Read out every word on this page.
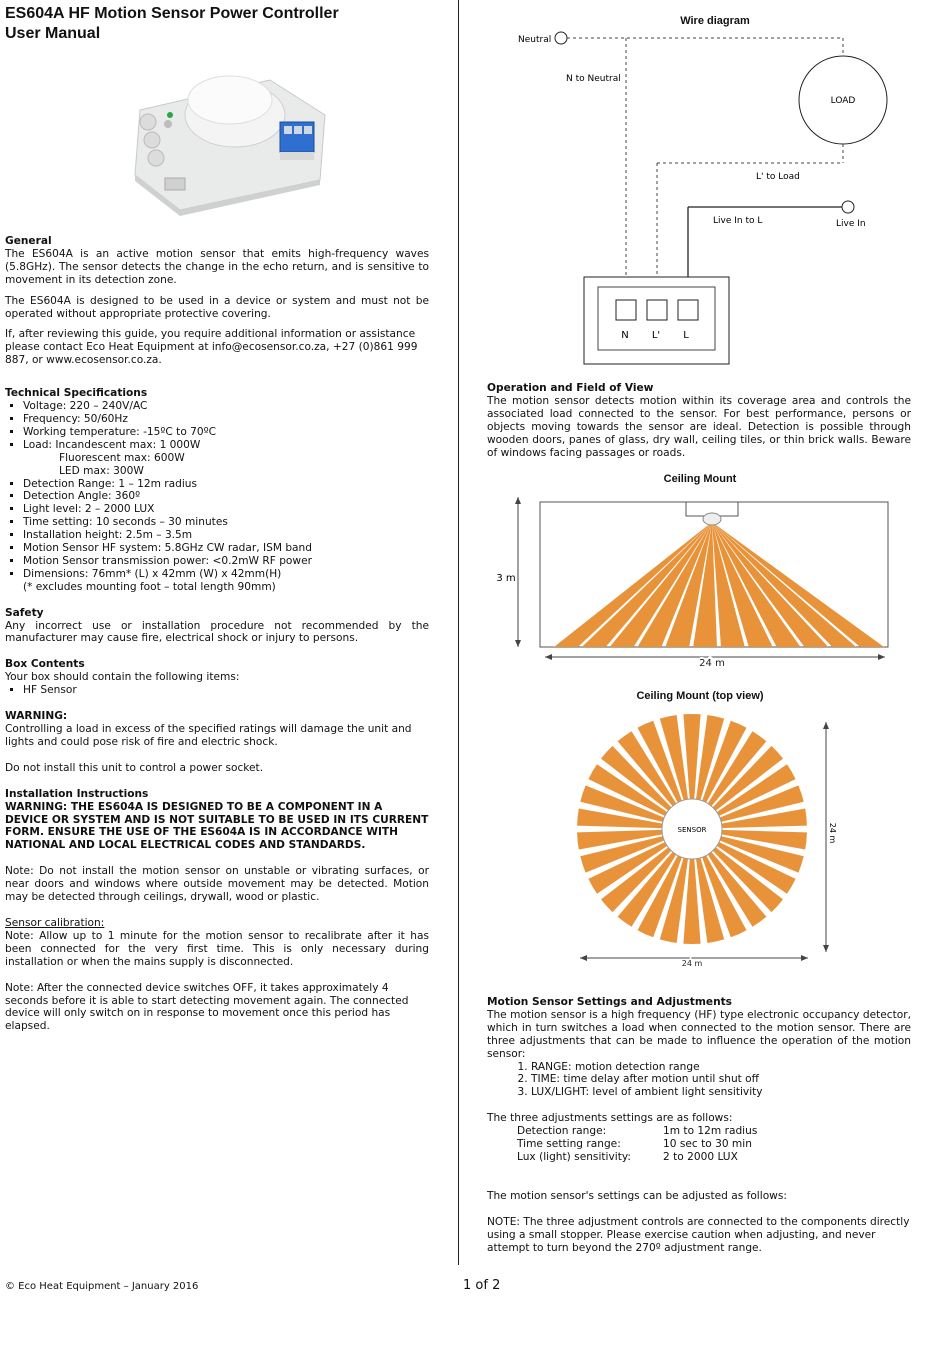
ES604A HF Motion Sensor Power Controller
User Manual
General
The ES604A is an active motion sensor that emits high-frequency waves (5.8GHz). The sensor detects the change in the echo return, and is sensitive to movement in its detection zone.
The ES604A is designed to be used in a device or system and must not be operated without appropriate protective covering.
If, after reviewing this guide, you require additional information or assistance please contact Eco Heat Equipment at info@ecosensor.co.za, +27 (0)861 999 887, or www.ecosensor.co.za.
Technical Specifications
▪ Voltage: 220 – 240V/AC
▪ Frequency: 50/60Hz
▪ Working temperature: -15ºC to 70ºC
▪ Load: Incandescent max: 1 000W
Fluorescent max: 600W
LED max: 300W
▪ Detection Range: 1 – 12m radius
▪ Detection Angle: 360º
▪ Light level: 2 – 2000 LUX
▪ Time setting: 10 seconds – 30 minutes
▪ Installation height: 2.5m – 3.5m
▪ Motion Sensor HF system: 5.8GHz CW radar, ISM band
▪ Motion Sensor transmission power: <0.2mW RF power
▪ Dimensions: 76mm* (L) x 42mm (W) x 42mm(H)
(* excludes mounting foot – total length 90mm)
Safety
Any incorrect use or installation procedure not recommended by the manufacturer may cause fire, electrical shock or injury to persons.
Box Contents
Your box should contain the following items:
▪ HF Sensor
WARNING:
Controlling a load in excess of the specified ratings will damage the unit and lights and could pose risk of fire and electric shock.
Do not install this unit to control a power socket.
Installation Instructions
WARNING: THE ES604A IS DESIGNED TO BE A COMPONENT IN A DEVICE OR SYSTEM AND IS NOT SUITABLE TO BE USED IN ITS CURRENT FORM. ENSURE THE USE OF THE ES604A IS IN ACCORDANCE WITH NATIONAL AND LOCAL ELECTRICAL CODES AND STANDARDS.
Note: Do not install the motion sensor on unstable or vibrating surfaces, or near doors and windows where outside movement may be detected. Motion may be detected through ceilings, drywall, wood or plastic.
Sensor calibration:
Note: Allow up to 1 minute for the motion sensor to recalibrate after it has been connected for the very first time. This is only necessary during installation or when the mains supply is disconnected.
Note: After the connected device switches OFF, it takes approximately 4 seconds before it is able to start detecting movement again. The connected device will only switch on in response to movement once this period has elapsed.
Wire diagram
Neutral
LOAD
N to Neutral
L' to Load
Live In to L	Live In
N L' L
Operation and Field of View
The motion sensor detects motion within its coverage area and controls the associated load connected to the sensor. For best performance, persons or objects moving towards the sensor are ideal. Detection is possible through wooden doors, panes of glass, dry wall, ceiling tiles, or thin brick walls. Beware of windows facing passages or roads.
Ceiling Mount
3 m
24 m
Ceiling Mount (top view)
SENSOR	24 m
24 m
Motion Sensor Settings and Adjustments
The motion sensor is a high frequency (HF) type electronic occupancy detector, which in turn switches a load when connected to the motion sensor. There are three adjustments that can be made to influence the operation of the motion sensor:
1. RANGE: motion detection range
2. TIME: time delay after motion until shut off
3. LUX/LIGHT: level of ambient light sensitivity
The three adjustments settings are as follows:
Detection range:	1m to 12m radius
Time setting range:	10 sec to 30 min
Lux (light) sensitivity:	2 to 2000 LUX
The motion sensor's settings can be adjusted as follows:
NOTE: The three adjustment controls are connected to the components directly using a small stopper. Please exercise caution when adjusting, and never attempt to turn beyond the 270º adjustment range.
© Eco Heat Equipment – January 2016	1 of 2
